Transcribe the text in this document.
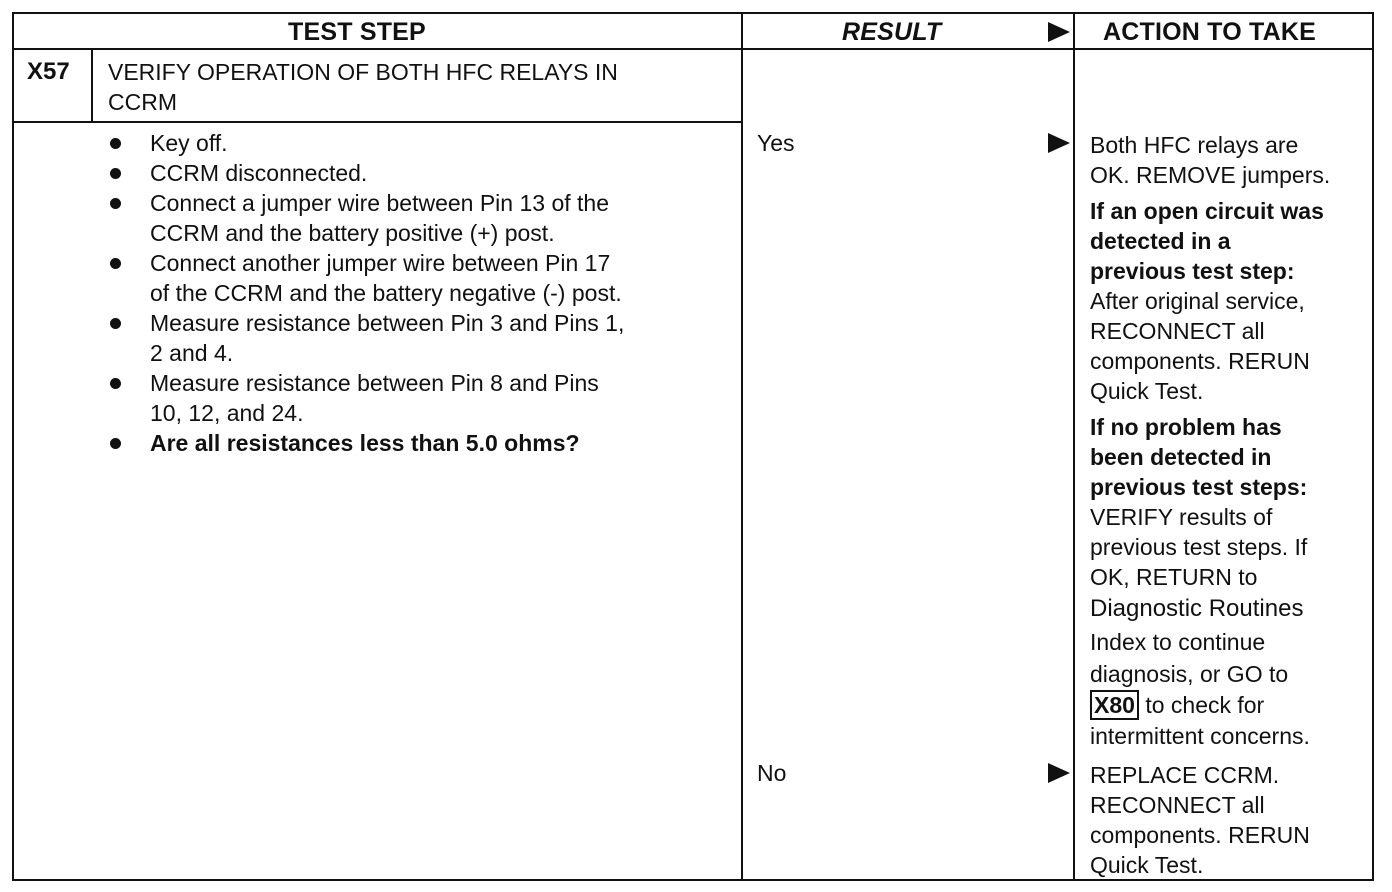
TEST STEP	RESULT	ACTION TO TAKE
X57 VERIFY OPERATION OF BOTH HFC RELAYS IN
CCRM
Key off.
CCRM disconnected.
Connect a jumper wire between Pin 13 of the
CCRM and the battery positive (+) post.
Connect another jumper wire between Pin 17
of the CCRM and the battery negative (-) post.
Measure resistance between Pin 3 and Pins 1,
2 and 4.
Measure resistance between Pin 8 and Pins
10, 12, and 24.
Are all resistances less than 5.0 ohms?
Yes
No
Both HFC relays are
OK. REMOVE jumpers.
If an open circuit was
detected in a
previous test step:
After original service,
RECONNECT all
components. RERUN
Quick Test.
If no problem has
been detected in
previous test steps:
VERIFY results of
previous test steps. If
OK, RETURN to
Diagnostic Routines
Index to continue
diagnosis, or GO to
X80 to check for
intermittent concerns.
REPLACE CCRM.
RECONNECT all
components. RERUN
Quick Test.
